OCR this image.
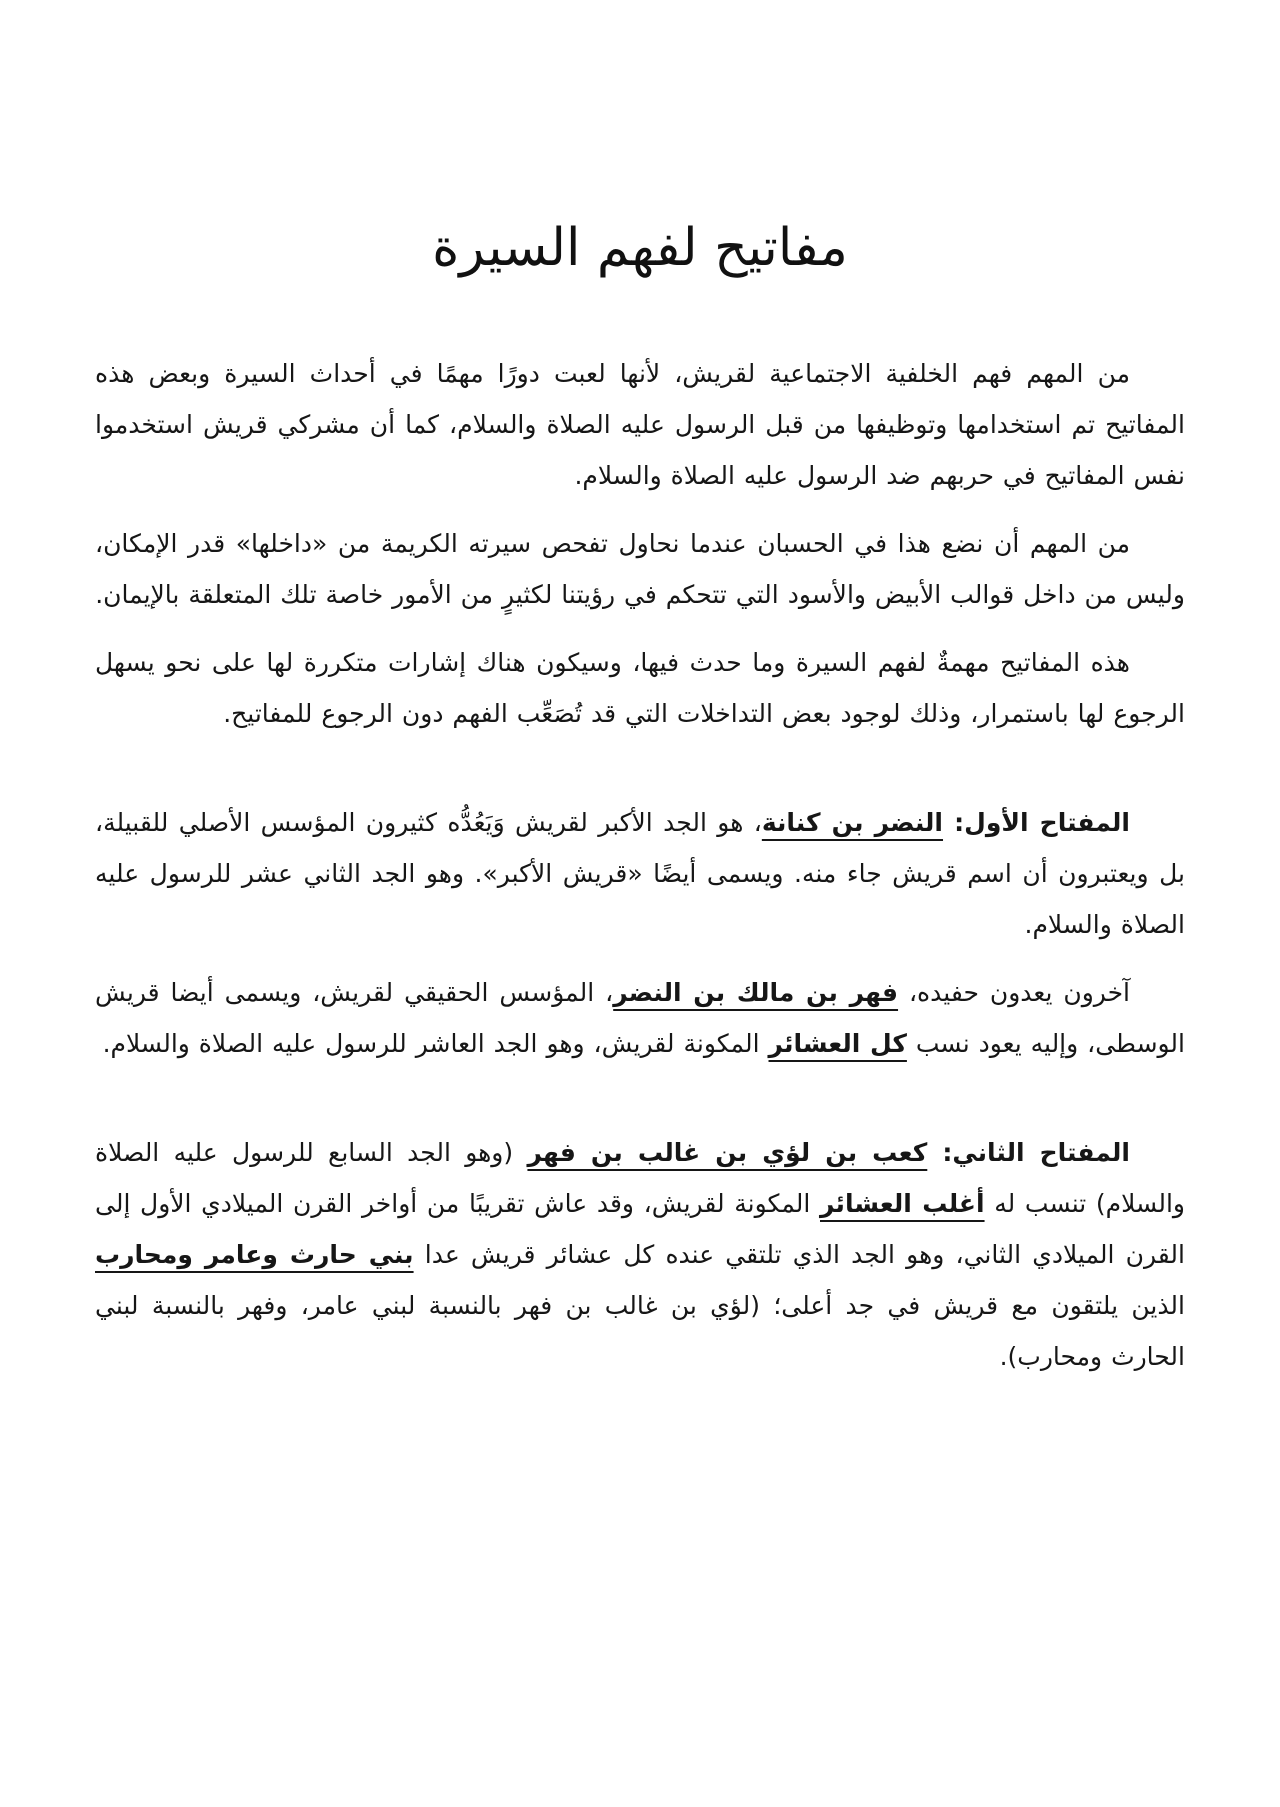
مفاتيح لفهم السيرة

من المهم فهم الخلفية الاجتماعية لقريش، لأنها لعبت دورًا مهمًا في أحداث السيرة وبعض هذه المفاتيح تم استخدامها وتوظيفها من قبل الرسول عليه الصلاة والسلام، كما أن مشركي قريش استخدموا نفس المفاتيح في حربهم ضد الرسول عليه الصلاة والسلام.

من المهم أن نضع هذا في الحسبان عندما نحاول تفحص سيرته الكريمة من «داخلها» قدر الإمكان، وليس من داخل قوالب الأبيض والأسود التي تتحكم في رؤيتنا لكثيرٍ من الأمور خاصة تلك المتعلقة بالإيمان.

هذه المفاتيح مهمةٌ لفهم السيرة وما حدث فيها، وسيكون هناك إشارات متكررة لها على نحو يسهل الرجوع لها باستمرار، وذلك لوجود بعض التداخلات التي قد تُصَعِّب الفهم دون الرجوع للمفاتيح.

المفتاح الأول: النضر بن كنانة، هو الجد الأكبر لقريش وَيَعُدُّه كثيرون المؤسس الأصلي للقبيلة، بل ويعتبرون أن اسم قريش جاء منه. ويسمى أيضًا «قريش الأكبر». وهو الجد الثاني عشر للرسول عليه الصلاة والسلام.

آخرون يعدون حفيده، فهر بن مالك بن النضر، المؤسس الحقيقي لقريش، ويسمى أيضا قريش الوسطى، وإليه يعود نسب كل العشائر المكونة لقريش، وهو الجد العاشر للرسول عليه الصلاة والسلام.

المفتاح الثاني: كعب بن لؤي بن غالب بن فهر (وهو الجد السابع للرسول عليه الصلاة والسلام) تنسب له أغلب العشائر المكونة لقريش، وقد عاش تقريبًا من أواخر القرن الميلادي الأول إلى القرن الميلادي الثاني، وهو الجد الذي تلتقي عنده كل عشائر قريش عدا بني حارث وعامر ومحارب الذين يلتقون مع قريش في جد أعلى؛ (لؤي بن غالب بن فهر بالنسبة لبني عامر، وفهر بالنسبة لبني الحارث ومحارب).
